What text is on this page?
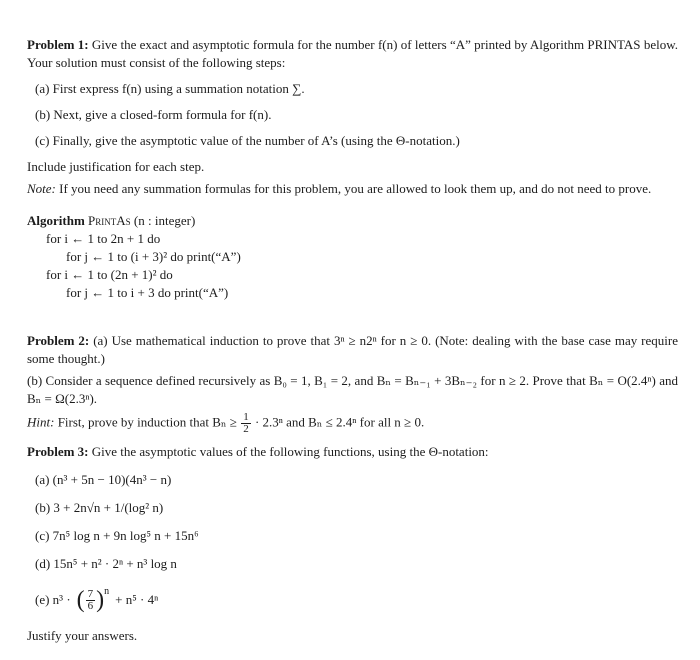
Problem 1: Give the exact and asymptotic formula for the number f(n) of letters “A” printed by Algorithm PRINTAS below. Your solution must consist of the following steps:

(a) First express f(n) using a summation notation ∑.
(b) Next, give a closed-form formula for f(n).
(c) Finally, give the asymptotic value of the number of A’s (using the Θ-notation.)

Include justification for each step.

Note: If you need any summation formulas for this problem, you are allowed to look them up, and do not need to prove.

Algorithm PrintAs (n : integer)
for i ← 1 to 2n + 1 do
for j ← 1 to (i + 3)² do print(“A”)
for i ← 1 to (2n + 1)² do
for j ← 1 to i + 3 do print(“A”)

Problem 2: (a) Use mathematical induction to prove that 3ⁿ ≥ n2ⁿ for n ≥ 0. (Note: dealing with the base case may require some thought.)

(b) Consider a sequence defined recursively as B₀ = 1, B₁ = 2, and Bₙ = Bₙ₋₁ + 3Bₙ₋₂ for n ≥ 2. Prove that Bₙ = O(2.4ⁿ) and Bₙ = Ω(2.3ⁿ).

Hint: First, prove by induction that $B_n \ge \frac{1}{2} \cdot 2.3^n$ and Bₙ ≤ 2.4ⁿ for all n ≥ 0.

Problem 3: Give the asymptotic values of the following functions, using the Θ-notation:

(a) (n³ + 5n − 10)(4n³ − n)
(b) 3 + 2n√n + 1/(log² n)
(c) 7n⁵ log n + 9n log⁵ n + 15n⁶
(d) 15n⁵ + n² · 2ⁿ + n³ log n
(e) n³ · ( $\frac{7}{6} )^n$
+ n⁵ · 4ⁿ

Justify your answers.
